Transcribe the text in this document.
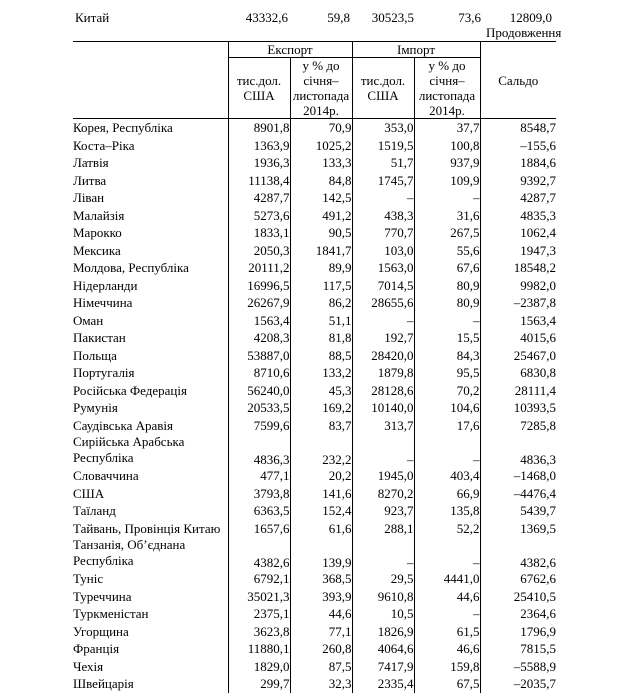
Китай	43332,6	59,8	30523,5	73,6	12809,0
Продовження
	Експорт		Імпорт		Сальдо
	тис.дол. США	у % до січня– листопада 2014р.	тис.дол. США	у % до січня– листопада 2014р.	
Корея, Республіка	8901,8	70,9	353,0	37,7	8548,7
Коста–Ріка	1363,9	1025,2	1519,5	100,8	–155,6
Латвія	1936,3	133,3	51,7	937,9	1884,6
Литва	11138,4	84,8	1745,7	109,9	9392,7
Ліван	4287,7	142,5	–	–	4287,7
Малайзія	5273,6	491,2	438,3	31,6	4835,3
Марокко	1833,1	90,5	770,7	267,5	1062,4
Мексика	2050,3	1841,7	103,0	55,6	1947,3
Молдова, Республіка	20111,2	89,9	1563,0	67,6	18548,2
Нідерланди	16996,5	117,5	7014,5	80,9	9982,0
Німеччина	26267,9	86,2	28655,6	80,9	–2387,8
Оман	1563,4	51,1	–	–	1563,4
Пакистан	4208,3	81,8	192,7	15,5	4015,6
Польща	53887,0	88,5	28420,0	84,3	25467,0
Португалія	8710,6	133,2	1879,8	95,5	6830,8
Російська Федерація	56240,0	45,3	28128,6	70,2	28111,4
Румунія	20533,5	169,2	10140,0	104,6	10393,5
Саудівська Аравія	7599,6	83,7	313,7	17,6	7285,8
Сирійська Арабська Республіка	4836,3	232,2	–	–	4836,3
Словаччина	477,1	20,2	1945,0	403,4	–1468,0
США	3793,8	141,6	8270,2	66,9	–4476,4
Таїланд	6363,5	152,4	923,7	135,8	5439,7
Тайвань, Провінція Китаю	1657,6	61,6	288,1	52,2	1369,5
Танзанія, Об’єднана Республіка	4382,6	139,9	–	–	4382,6
Туніс	6792,1	368,5	29,5	4441,0	6762,6
Туреччина	35021,3	393,9	9610,8	44,6	25410,5
Туркменістан	2375,1	44,6	10,5	–	2364,6
Угорщина	3623,8	77,1	1826,9	61,5	1796,9
Франція	11880,1	260,8	4064,6	46,6	7815,5
Чехія	1829,0	87,5	7417,9	159,8	–5588,9
Швейцарія	299,7	32,3	2335,4	67,5	–2035,7
